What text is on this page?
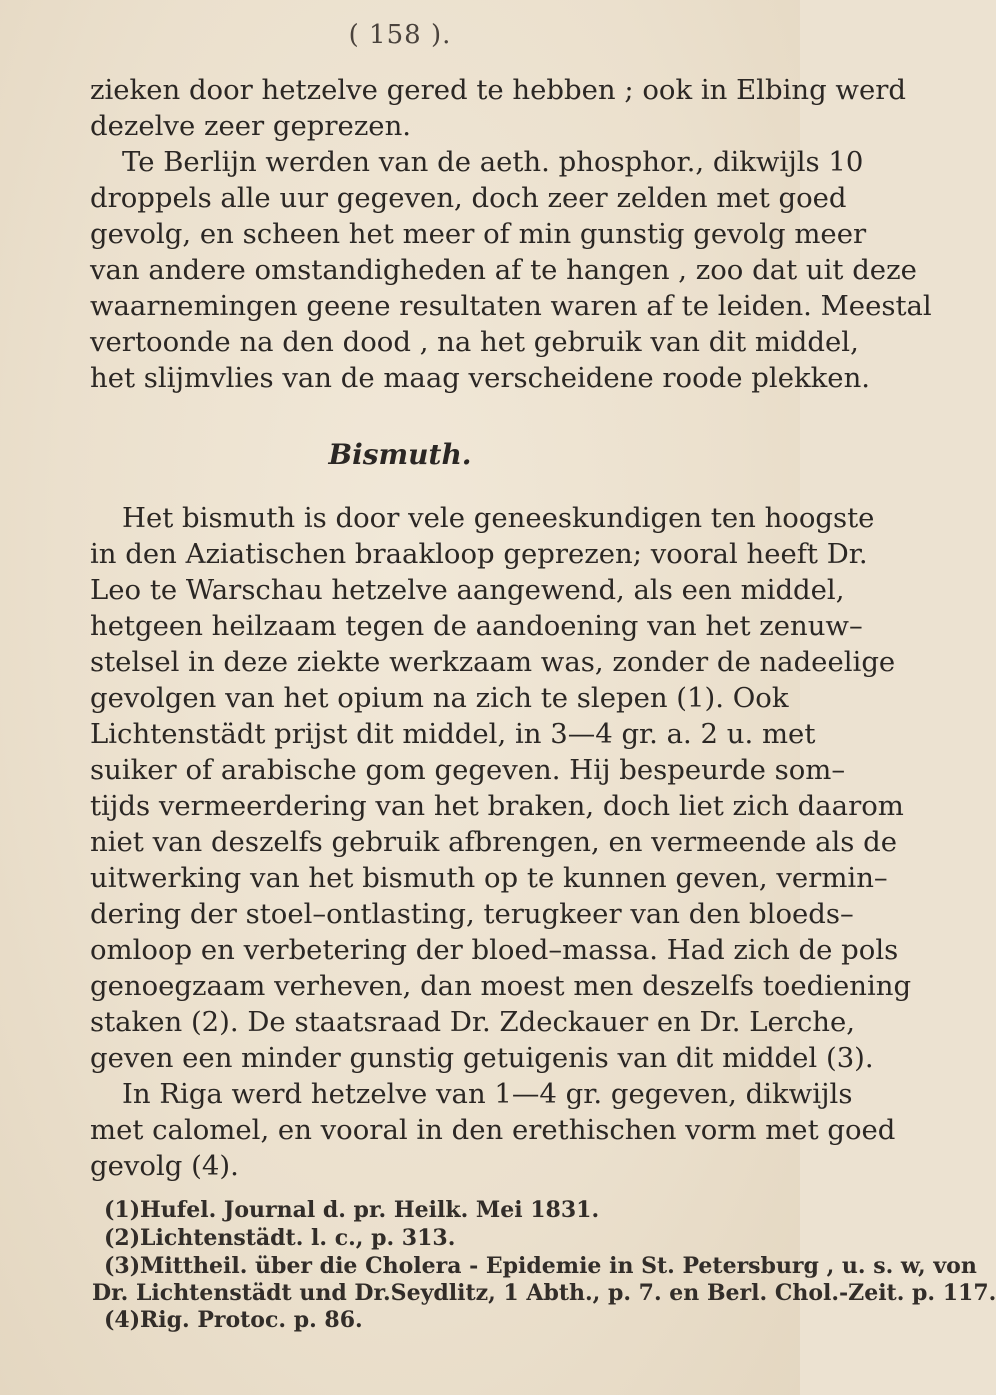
( 158 ).
zieken door hetzelve gered te hebben ; ook in Elbing werd
dezelve zeer geprezen.
Te Berlijn werden van de aeth. phosphor., dikwijls 10
droppels alle uur gegeven, doch zeer zelden met goed
gevolg, en scheen het meer of min gunstig gevolg meer
van andere omstandigheden af te hangen , zoo dat uit deze
waarnemingen geene resultaten waren af te leiden. Meestal
vertoonde na den dood , na het gebruik van dit middel,
het slijmvlies van de maag verscheidene roode plekken.
Bismuth.
Het bismuth is door vele geneeskundigen ten hoogste
in den Aziatischen braakloop geprezen; vooral heeft Dr.
Leo te Warschau hetzelve aangewend, als een middel,
hetgeen heilzaam tegen de aandoening van het zenuw–
stelsel in deze ziekte werkzaam was, zonder de nadeelige
gevolgen van het opium na zich te slepen (1). Ook
Lichtenstädt prijst dit middel, in 3—4 gr. a. 2 u. met
suiker of arabische gom gegeven. Hij bespeurde som–
tijds vermeerdering van het braken, doch liet zich daarom
niet van deszelfs gebruik afbrengen, en vermeende als de
uitwerking van het bismuth op te kunnen geven, vermin–
dering der stoel–ontlasting, terugkeer van den bloeds–
omloop en verbetering der bloed–massa. Had zich de pols
genoegzaam verheven, dan moest men deszelfs toediening
staken (2). De staatsraad Dr. Zdeckauer en Dr. Lerche,
geven een minder gunstig getuigenis van dit middel (3).
In Riga werd hetzelve van 1—4 gr. gegeven, dikwijls
met calomel, en vooral in den erethischen vorm met goed
gevolg (4).
(1)Hufel. Journal d. pr. Heilk. Mei 1831.
(2)Lichtenstädt. l. c., p. 313.
(3)Mittheil. über die Cholera - Epidemie in St. Petersburg , u. s. w, von
Dr. Lichtenstädt und Dr.Seydlitz, 1 Abth., p. 7. en Berl. Chol.-Zeit. p. 117.
(4)Rig. Protoc. p. 86.
